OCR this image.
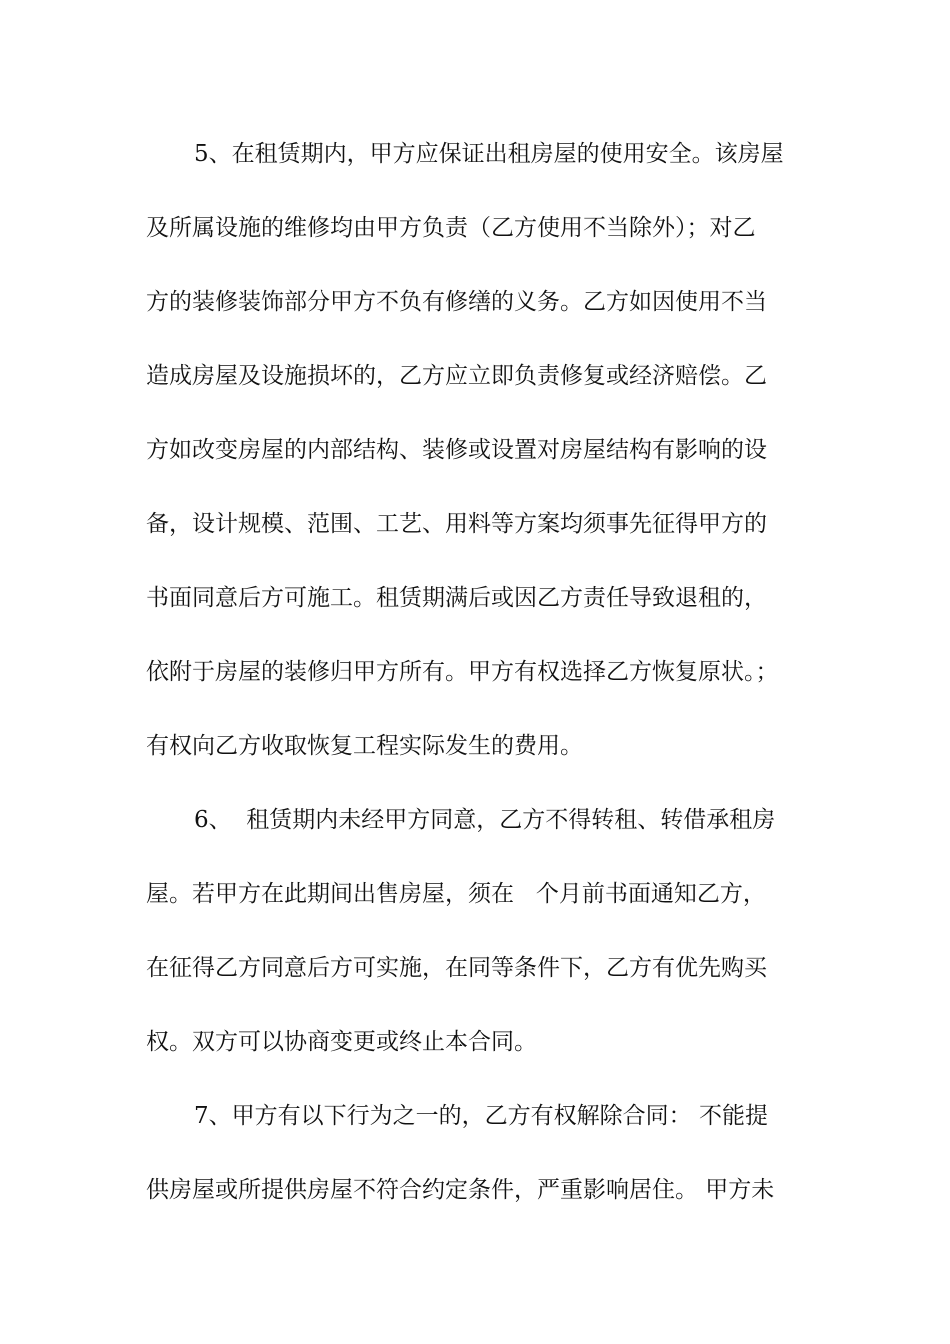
5、在租赁期内，甲方应保证出租房屋的使用安全。该房屋
及所属设施的维修均由甲方负责（乙方使用不当除外）；对乙
方的装修装饰部分甲方不负有修缮的义务。乙方如因使用不当
造成房屋及设施损坏的，乙方应立即负责修复或经济赔偿。乙
方如改变房屋的内部结构、装修或设置对房屋结构有影响的设
备，设计规模、范围、工艺、用料等方案均须事先征得甲方的
书面同意后方可施工。租赁期满后或因乙方责任导致退租的，
依附于房屋的装修归甲方所有。甲方有权选择乙方恢复原状。；
有权向乙方收取恢复工程实际发生的费用。
6、  租赁期内未经甲方同意，乙方不得转租、转借承租房
屋。若甲方在此期间出售房屋，须在   个月前书面通知乙方，
在征得乙方同意后方可实施，在同等条件下，乙方有优先购买
权。双方可以协商变更或终止本合同。
7、甲方有以下行为之一的，乙方有权解除合同： 不能提
供房屋或所提供房屋不符合约定条件，严重影响居住。 甲方未
